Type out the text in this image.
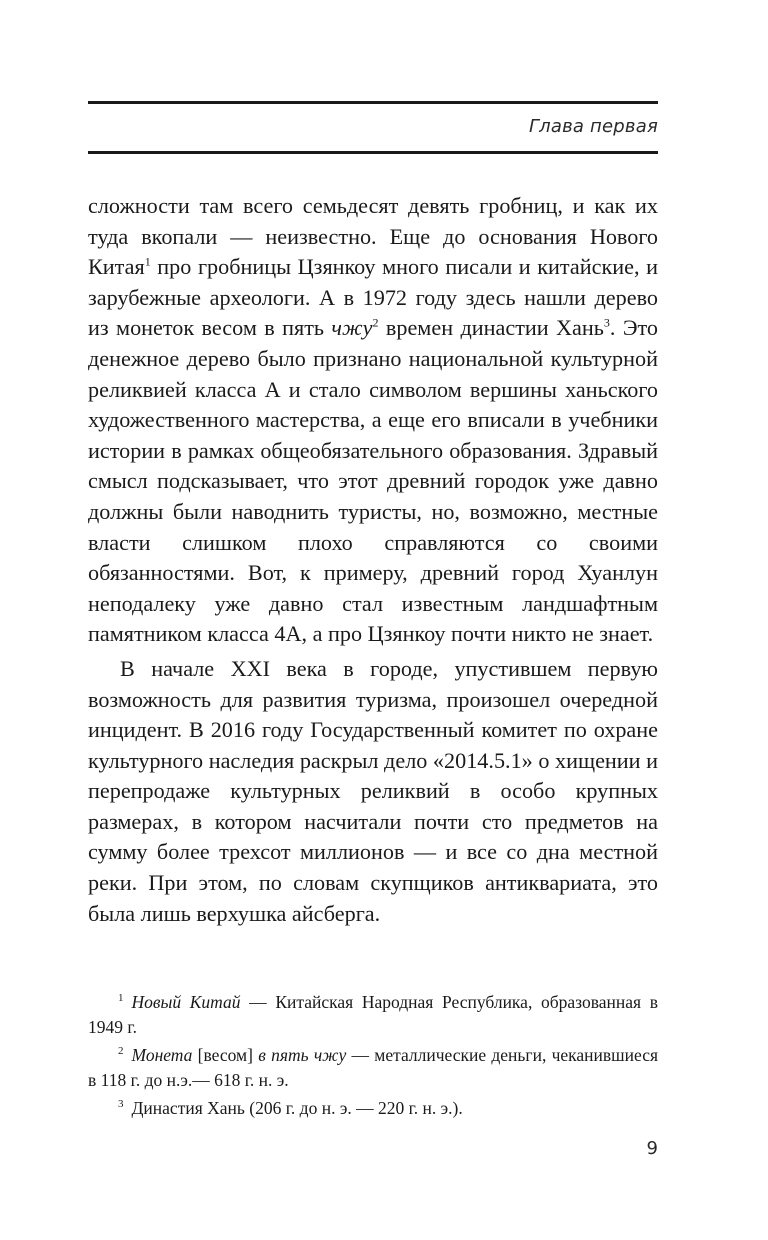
Глава первая

сложности там всего семьдесят девять гробниц, и как их туда вкопали — неизвестно. Еще до основания Нового Китая$^1$ про гробницы Цзянкоу много писали и китайские, и зарубежные археологи. А в 1972 году здесь нашли дерево из монеток весом в пять чжу$^2$ времен династии Хань$^3$. Это денежное дерево было признано национальной культурной реликвией класса А и стало символом вершины ханьского художественного мастерства, а еще его вписали в учебники истории в рамках общеобязательного образования. Здравый смысл подсказывает, что этот древний городок уже давно должны были наводнить туристы, но, возможно, местные власти слишком плохо справляются со своими обязанностями. Вот, к примеру, древний город Хуанлун неподалеку уже давно стал известным ландшафтным памятником класса 4А, а про Цзянкоу почти никто не знает.

В начале XXI века в городе, упустившем первую возможность для развития туризма, произошел очередной инцидент. В 2016 году Государственный комитет по охране культурного наследия раскрыл дело «2014.5.1» о хищении и перепродаже культурных реликвий в особо крупных размерах, в котором насчитали почти сто предметов на сумму более трехсот миллионов — и все со дна местной реки. При этом, по словам скупщиков антиквариата, это была лишь верхушка айсберга.

$^1$ Новый Китай — Китайская Народная Республика, образованная в 1949 г.

$^2$ Монета [весом] в пять чжу — металлические деньги, чеканившиеся в 118 г. до н.э.— 618 г. н. э.

$^3$ Династия Хань (206 г. до н. э. — 220 г. н. э.).

9
